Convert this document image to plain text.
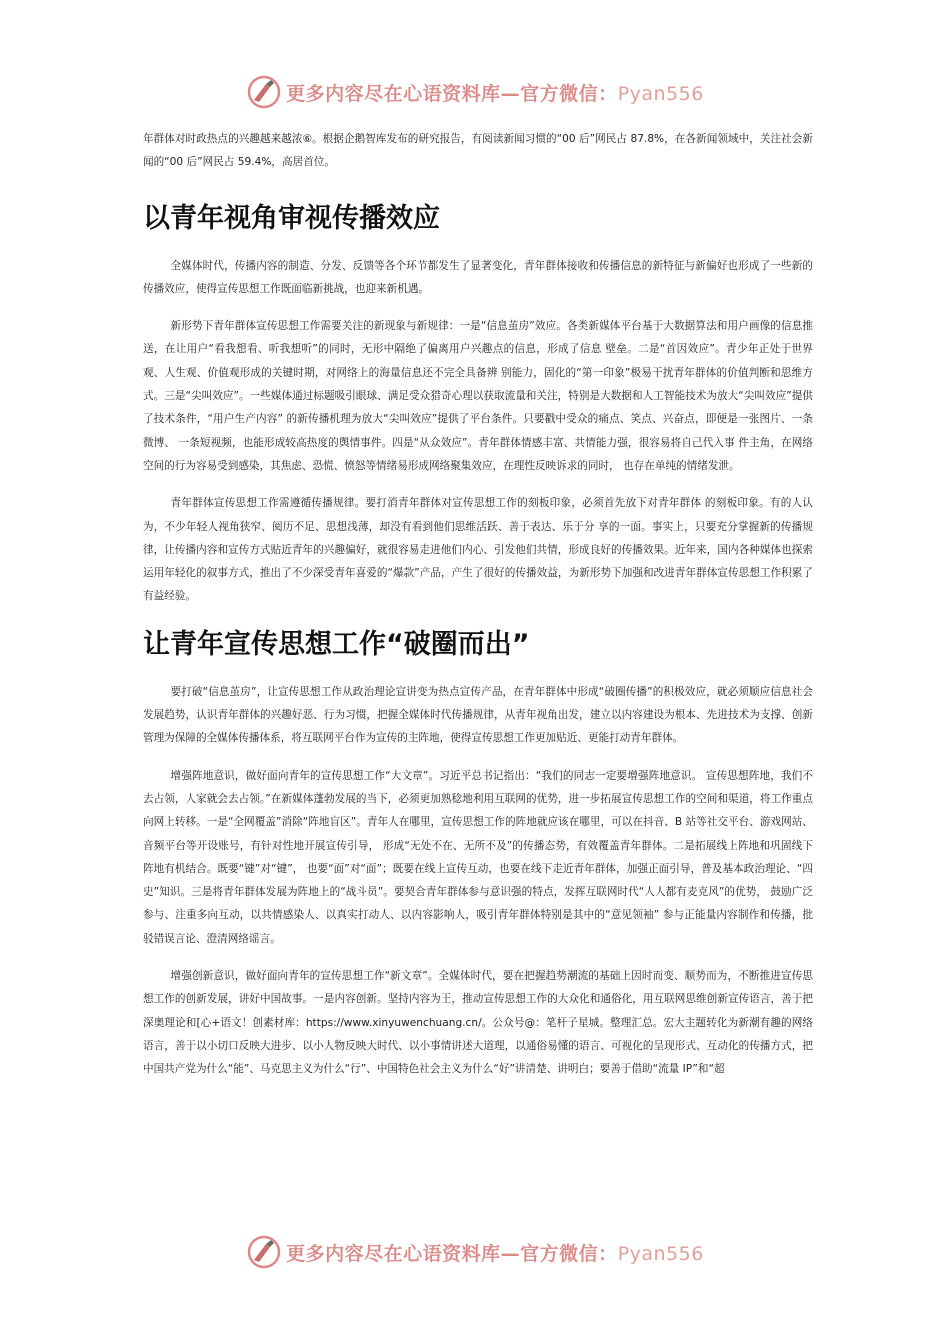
更多内容尽在心语资料库—官方微信：Pyan556

年群体对时政热点的兴趣越来越浓⑥。根据企鹅智库发布的研究报告，有阅读新闻习惯的“00 后”网民占 87.8%，在各新闻领域中，关注社会新闻的“00 后”网民占 59.4%，高居首位。

以青年视角审视传播效应

全媒体时代，传播内容的制造、分发、反馈等各个环节都发生了显著变化，青年群体接收和传播信息的新特征与新偏好也形成了一些新的传播效应，使得宣传思想工作既面临新挑战，也迎来新机遇。

新形势下青年群体宣传思想工作需要关注的新现象与新规律：一是“信息茧房”效应。各类新媒体平台基于大数据算法和用户画像的信息推送，在让用户“看我想看、听我想听”的同时，无形中隔绝了偏离用户兴趣点的信息，形成了信息 壁垒。二是“首因效应”。青少年正处于世界观、人生观、价值观形成的关键时期，对网络上的海量信息还不完全具备辨 别能力，固化的“第一印象”极易干扰青年群体的价值判断和思维方式。三是“尖叫效应”。一些媒体通过标题吸引眼球、满足受众猎奇心理以获取流量和关注，特别是大数据和人工智能技术为放大“尖叫效应”提供了技术条件，“用户生产内容” 的新传播机理为放大“尖叫效应”提供了平台条件。只要戳中受众的痛点、笑点、兴奋点，即便是一张图片、一条微博、 一条短视频，也能形成较高热度的舆情事件。四是“从众效应”。青年群体情感丰富、共情能力强，很容易将自己代入事 件主角，在网络空间的行为容易受到感染，其焦虑、恐慌、愤怒等情绪易形成网络聚集效应，在理性反映诉求的同时， 也存在单纯的情绪发泄。

青年群体宣传思想工作需遵循传播规律。要打消青年群体对宣传思想工作的刻板印象，必须首先放下对青年群体 的刻板印象。有的人认为，不少年轻人视角狭窄、阅历不足、思想浅薄，却没有看到他们思维活跃、善于表达、乐于分 享的一面。事实上，只要充分掌握新的传播规律，让传播内容和宣传方式贴近青年的兴趣偏好，就很容易走进他们内心、引发他们共情，形成良好的传播效果。近年来，国内各种媒体也探索运用年轻化的叙事方式，推出了不少深受青年喜爱的“爆款”产品，产生了很好的传播效益，为新形势下加强和改进青年群体宣传思想工作积累了有益经验。

让青年宣传思想工作“破圈而出”

要打破“信息茧房”，让宣传思想工作从政治理论宣讲变为热点宣传产品，在青年群体中形成“破圈传播”的积极效应，就必须顺应信息社会发展趋势，认识青年群体的兴趣好恶、行为习惯，把握全媒体时代传播规律，从青年视角出发，建立以内容建设为根本、先进技术为支撑、创新管理为保障的全媒体传播体系，将互联网平台作为宣传的主阵地，使得宣传思想工作更加贴近、更能打动青年群体。

增强阵地意识，做好面向青年的宣传思想工作“大文章”。习近平总书记指出：“我们的同志一定要增强阵地意识。 宣传思想阵地，我们不去占领，人家就会去占领。”在新媒体蓬勃发展的当下，必须更加熟稔地利用互联网的优势，进一步拓展宣传思想工作的空间和渠道，将工作重点向网上转移。一是“全网覆盖”消除“阵地盲区”。青年人在哪里，宣传思想工作的阵地就应该在哪里，可以在抖音、B 站等社交平台、游戏网站、音频平台等开设账号，有针对性地开展宣传引导， 形成“无处不在、无所不及”的传播态势，有效覆盖青年群体。二是拓展线上阵地和巩固线下阵地有机结合。既要“键”对“键”， 也要“面”对“面”；既要在线上宣传互动，也要在线下走近青年群体，加强正面引导，普及基本政治理论、“四史”知识。三是将青年群体发展为阵地上的“战斗员”。要契合青年群体参与意识强的特点，发挥互联网时代“人人都有麦克风”的优势， 鼓励广泛参与、注重多向互动，以共情感染人、以真实打动人、以内容影响人，吸引青年群体特别是其中的“意见领袖” 参与正能量内容制作和传播，批驳错误言论、澄清网络谣言。

增强创新意识，做好面向青年的宣传思想工作“新文章”。全媒体时代，要在把握趋势潮流的基础上因时而变、顺势而为，不断推进宣传思想工作的创新发展，讲好中国故事。一是内容创新。坚持内容为王，推动宣传思想工作的大众化和通俗化，用互联网思维创新宣传语言，善于把深奥理论和[心+语文！创素材库：https://www.xinyuwenchuang.cn/。公众号@：笔杆子星城。整理汇总。宏大主题转化为新潮有趣的网络语言，善于以小切口反映大进步、以小人物反映大时代、以小事情讲述大道理，以通俗易懂的语言、可视化的呈现形式、互动化的传播方式，把中国共产党为什么“能”、马克思主义为什么“行”、中国特色社会主义为什么“好”讲清楚、讲明白；要善于借助“流量 IP”和“超

更多内容尽在心语资料库—官方微信：Pyan556
